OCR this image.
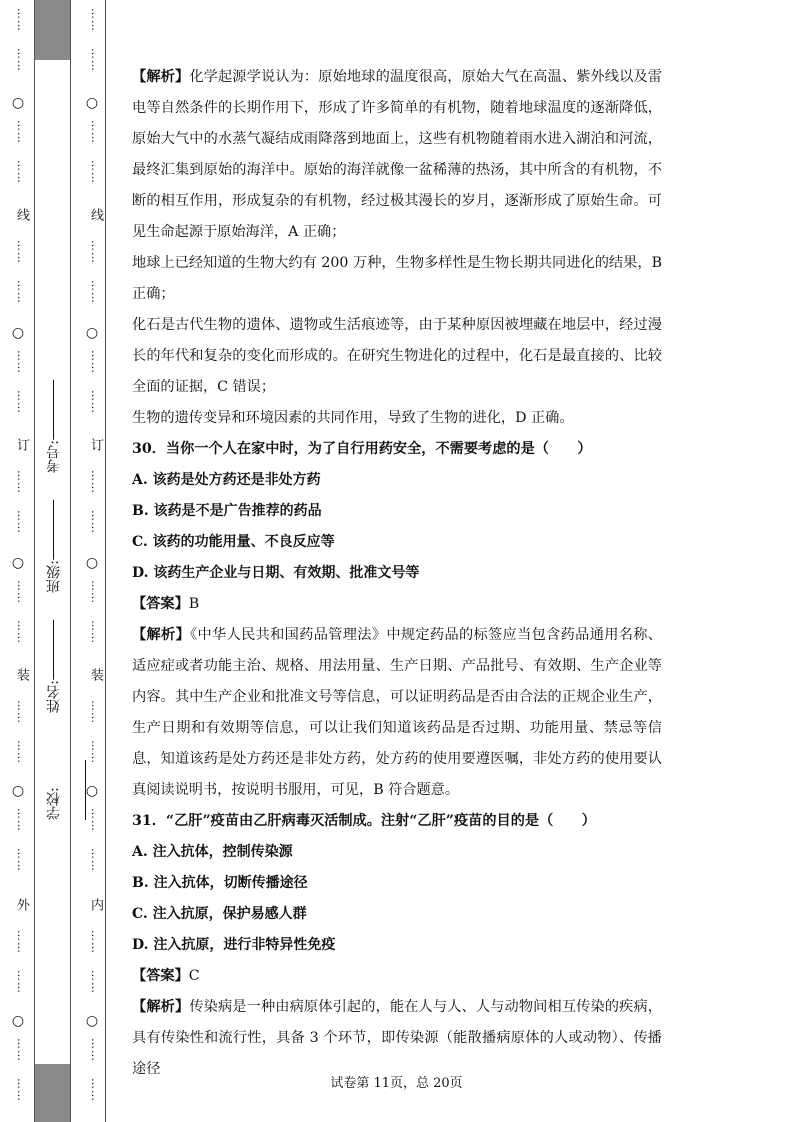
……
……
○
……
……
线
……
……
○
……
……
订
……
……
○
……
……
装
……
……
○
……
……
外
……
……
○
……
……
学校:
姓名:
班级:
考号:
……
……
○
……
……
线
……
……
○
……
……
订
……
……
○
……
……
装
……
……
○
……
……
内
……
……
○
……
……

【解析】化学起源学说认为：原始地球的温度很高，原始大气在高温、紫外线以及雷电等自然条件的长期作用下，形成了许多简单的有机物，随着地球温度的逐渐降低，原始大气中的水蒸气凝结成雨降落到地面上，这些有机物随着雨水进入湖泊和河流，最终汇集到原始的海洋中。原始的海洋就像一盆稀薄的热汤，其中所含的有机物，不断的相互作用，形成复杂的有机物，经过极其漫长的岁月，逐渐形成了原始生命。可见生命起源于原始海洋，A 正确；

地球上已经知道的生物大约有 200 万种，生物多样性是生物长期共同进化的结果，B 正确；

化石是古代生物的遗体、遗物或生活痕迹等，由于某种原因被埋藏在地层中，经过漫长的年代和复杂的变化而形成的。在研究生物进化的过程中，化石是最直接的、比较全面的证据，C 错误；

生物的遗传变异和环境因素的共同作用，导致了生物的进化，D 正确。

30．当你一个人在家中时，为了自行用药安全，不需要考虑的是（　　）

A. 该药是处方药还是非处方药

B. 该药是不是广告推荐的药品

C. 该药的功能用量、不良反应等

D. 该药生产企业与日期、有效期、批准文号等

【答案】B

【解析】《中华人民共和国药品管理法》中规定药品的标签应当包含药品通用名称、适应症或者功能主治、规格、用法用量、生产日期、产品批号、有效期、生产企业等内容。其中生产企业和批准文号等信息，可以证明药品是否由合法的正规企业生产，生产日期和有效期等信息，可以让我们知道该药品是否过期、功能用量、禁忌等信息，知道该药是处方药还是非处方药，处方药的使用要遵医嘱，非处方药的使用要认真阅读说明书，按说明书服用，可见，B 符合题意。

31．“乙肝”疫苗由乙肝病毒灭活制成。注射“乙肝”疫苗的目的是（　　）

A. 注入抗体，控制传染源

B. 注入抗体，切断传播途径

C. 注入抗原，保护易感人群

D. 注入抗原，进行非特异性免疫

【答案】C

【解析】传染病是一种由病原体引起的，能在人与人、人与动物间相互传染的疾病，具有传染性和流行性，具备 3 个环节，即传染源（能散播病原体的人或动物）、传播途径

试卷第 11页，总 20页
